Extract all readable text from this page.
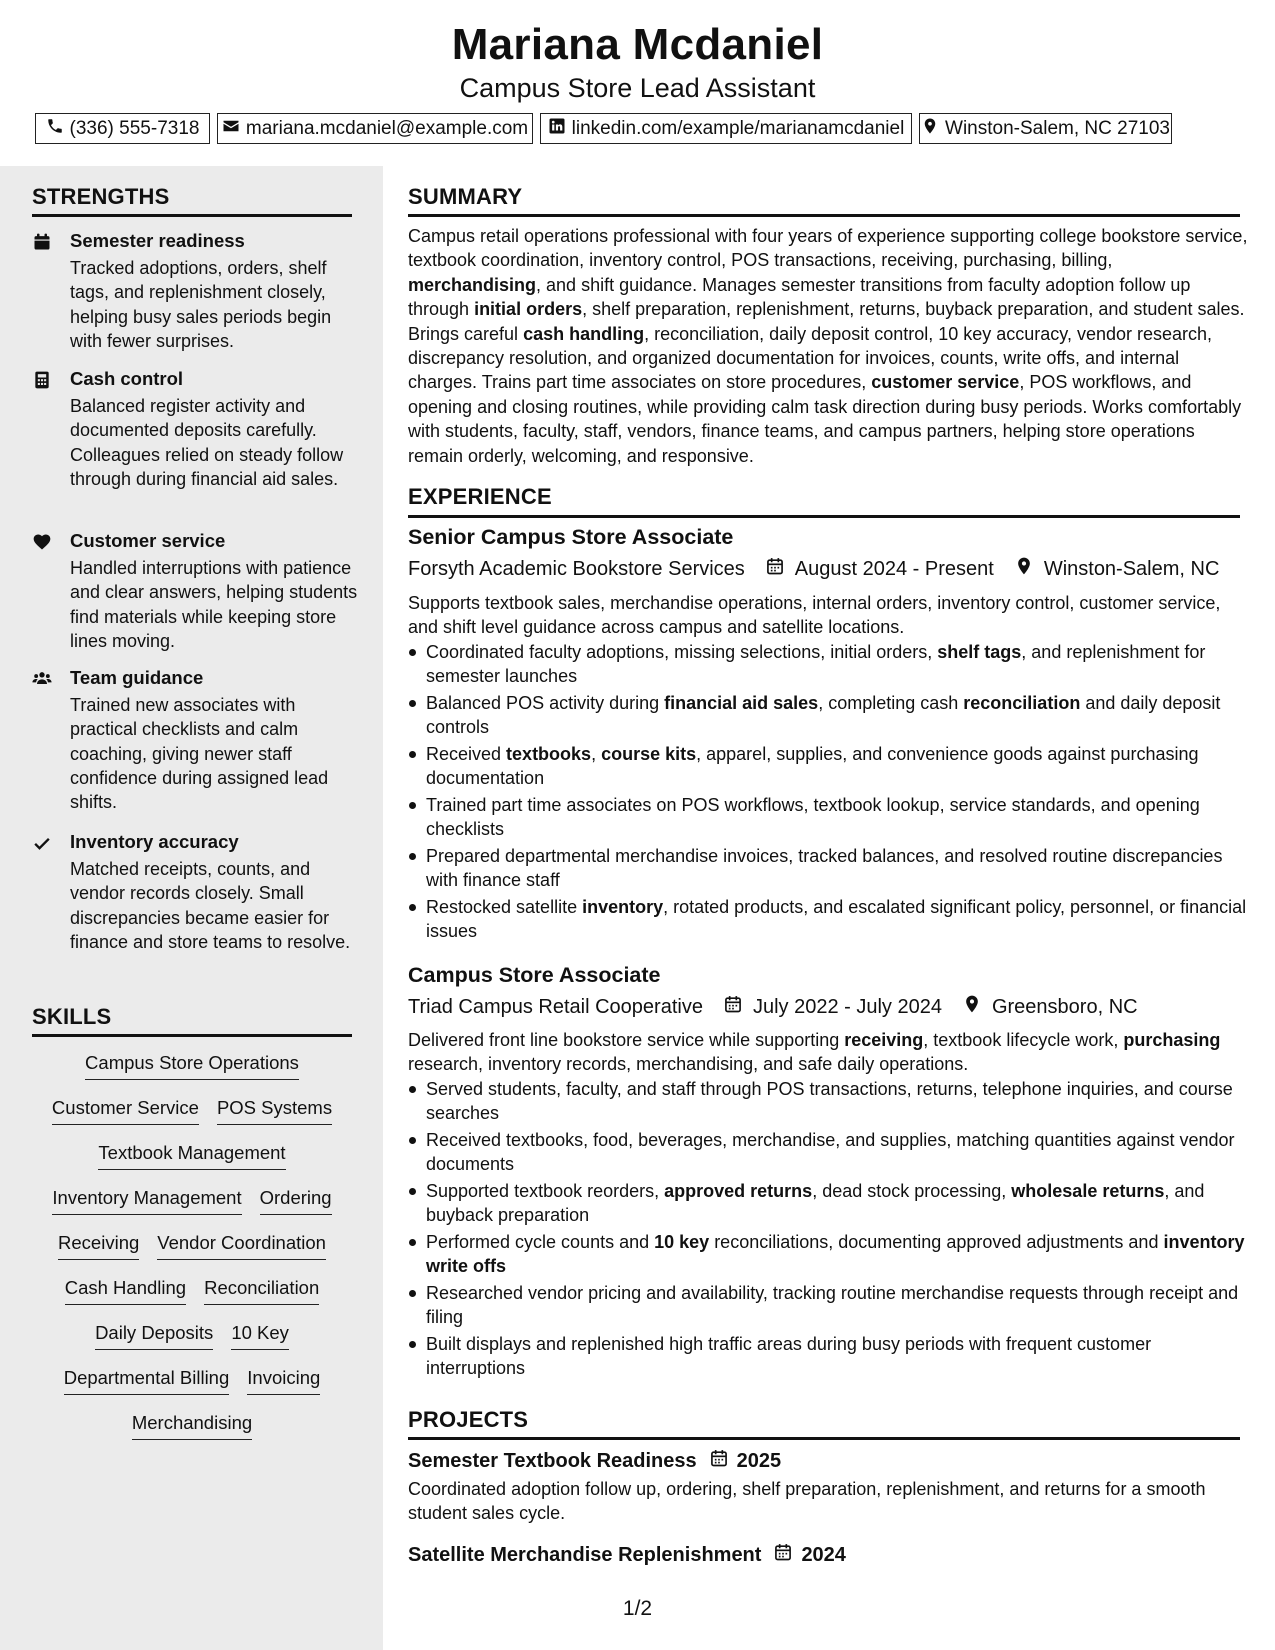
Mariana Mcdaniel
Campus Store Lead Assistant
(336) 555-7318 mariana.mcdaniel@example.com linkedin.com/example/marianamcdaniel Winston-Salem, NC 27103
STRENGTHS
Semester readiness
Tracked adoptions, orders, shelf tags, and replenishment closely, helping busy sales periods begin with fewer surprises.
Cash control
Balanced register activity and documented deposits carefully. Colleagues relied on steady follow through during financial aid sales.
Customer service
Handled interruptions with patience and clear answers, helping students find materials while keeping store lines moving.
Team guidance
Trained new associates with practical checklists and calm coaching, giving newer staff confidence during assigned lead shifts.
Inventory accuracy
Matched receipts, counts, and vendor records closely. Small discrepancies became easier for finance and store teams to resolve.
SKILLS
Campus Store Operations
Customer Service POS Systems
Textbook Management
Inventory Management Ordering
Receiving Vendor Coordination
Cash Handling Reconciliation
Daily Deposits 10 Key
Departmental Billing Invoicing
Merchandising
SUMMARY
EXPERIENCE
Senior Campus Store Associate
Forsyth Academic Bookstore Services	August 2024 - Present	Winston-Salem, NC
Supports textbook sales, merchandise operations, internal orders, inventory control, customer service, and shift level guidance across campus and satellite locations.
Coordinated faculty adoptions, missing selections, initial orders, shelf tags, and replenishment for semester launches
Balanced POS activity during financial aid sales, completing cash reconciliation and daily deposit controls
Received textbooks, course kits, apparel, supplies, and convenience goods against purchasing documentation
Trained part time associates on POS workflows, textbook lookup, service standards, and opening checklists
Prepared departmental merchandise invoices, tracked balances, and resolved routine discrepancies with finance staff
Restocked satellite inventory, rotated products, and escalated significant policy, personnel, or financial issues
Campus Store Associate
Triad Campus Retail Cooperative	July 2022 - July 2024	Greensboro, NC
Delivered front line bookstore service while supporting receiving, textbook lifecycle work, purchasing research, inventory records, merchandising, and safe daily operations.
Served students, faculty, and staff through POS transactions, returns, telephone inquiries, and course searches
Received textbooks, food, beverages, merchandise, and supplies, matching quantities against vendor documents
Supported textbook reorders, approved returns, dead stock processing, wholesale returns, and buyback preparation
Performed cycle counts and 10 key reconciliations, documenting approved adjustments and inventory write offs
Researched vendor pricing and availability, tracking routine merchandise requests through receipt and filing
Built displays and replenished high traffic areas during busy periods with frequent customer interruptions
PROJECTS
Semester Textbook Readiness 2025
Coordinated adoption follow up, ordering, shelf preparation, replenishment, and returns for a smooth student sales cycle.
Satellite Merchandise Replenishment 2024
Campus retail operations professional with four years of experience supporting college bookstore service, textbook coordination, inventory control, POS transactions, receiving, purchasing, billing, merchandising, and shift guidance. Manages semester transitions from faculty adoption follow up through initial orders, shelf preparation, replenishment, returns, buyback preparation, and student sales. Brings careful cash handling, reconciliation, daily deposit control, 10 key accuracy, vendor research, discrepancy resolution, and organized documentation for invoices, counts, write offs, and internal charges. Trains part time associates on store procedures, customer service, POS workflows, and opening and closing routines, while providing calm task direction during busy periods. Works comfortably with students, faculty, staff, vendors, finance teams, and campus partners, helping store operations remain orderly, welcoming, and responsive.
1/2
